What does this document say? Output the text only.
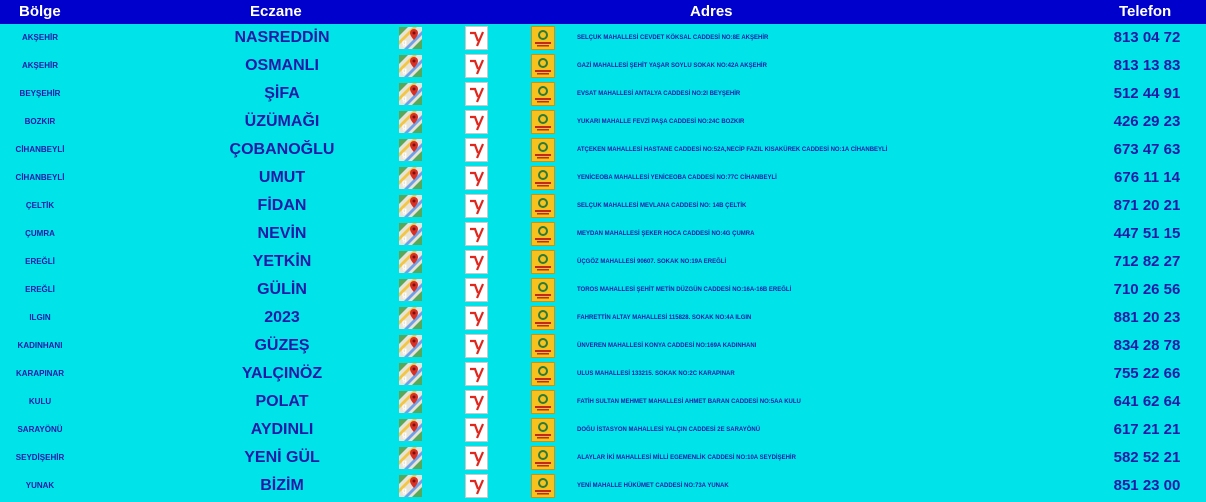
Bölge	Eczane	Adres	Telefon
AKŞEHİR	NASREDDİN	g	SELÇUK MAHALLESİ CEVDET KÖKSAL CADDESİ NO:8E AKŞEHİR	813 04 72
AKŞEHİR	OSMANLI	g	GAZİ MAHALLESİ ŞEHİT YAŞAR SOYLU SOKAK NO:42A AKŞEHİR	813 13 83
BEYŞEHİR	ŞİFA	g	EVSAT MAHALLESİ ANTALYA CADDESİ NO:2I BEYŞEHİR	512 44 91
BOZKIR	ÜZÜMAĞI	g	YUKARI MAHALLE FEVZİ PAŞA CADDESİ NO:24C BOZKIR	426 29 23
CİHANBEYLİ	ÇOBANOĞLU	g	ATÇEKEN MAHALLESİ HASTANE CADDESİ NO:52A,NECİP FAZIL KISAKÜREK CADDESİ NO:1A CİHANBEYLİ	673 47 63
CİHANBEYLİ	UMUT	g	YENİCEOBA MAHALLESİ YENİCEOBA CADDESİ NO:77C CİHANBEYLİ	676 11 14
ÇELTİK	FİDAN	g	SELÇUK MAHALLESİ MEVLANA CADDESİ NO: 14B ÇELTİK	871 20 21
ÇUMRA	NEVİN	g	MEYDAN MAHALLESİ ŞEKER HOCA CADDESİ NO:4G ÇUMRA	447 51 15
EREĞLİ	YETKİN	g	ÜÇGÖZ MAHALLESİ 90607. SOKAK NO:19A EREĞLİ	712 82 27
EREĞLİ	GÜLİN	g	TOROS MAHALLESİ ŞEHİT METİN DÜZGÜN CADDESİ NO:16A-16B EREĞLİ	710 26 56
ILGIN	2023	g	FAHRETTİN ALTAY MAHALLESİ 115828. SOKAK NO:4A ILGIN	881 20 23
KADINHANI	GÜZEŞ	g	ÜNVEREN MAHALLESİ KONYA CADDESİ NO:169A KADINHANI	834 28 78
KARAPINAR	YALÇINÖZ	g	ULUS MAHALLESİ 133215. SOKAK NO:2C KARAPINAR	755 22 66
KULU	POLAT	g	FATİH SULTAN MEHMET MAHALLESİ AHMET BARAN CADDESİ NO:5AA KULU	641 62 64
SARAYÖNÜ	AYDINLI	g	DOĞU İSTASYON MAHALLESİ YALÇIN CADDESİ 2E SARAYÖNÜ	617 21 21
SEYDİŞEHİR	YENİ GÜL	g	ALAYLAR İKİ MAHALLESİ MİLLİ EGEMENLİK CADDESİ NO:10A SEYDİŞEHİR	582 52 21
YUNAK	BİZİM	g	YENİ MAHALLE HÜKÜMET CADDESİ NO:73A YUNAK	851 23 00
